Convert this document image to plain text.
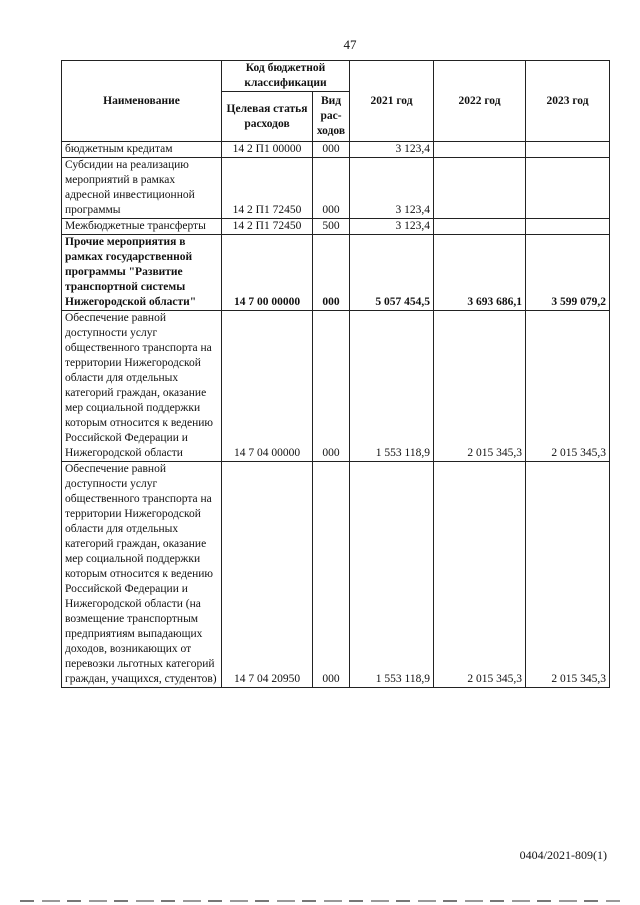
47
Наименование	Код бюджетной классификации		2021 год	2022 год	2023 год
	Целевая статья расходов	Вид рас-ходов			
бюджетным кредитам	14 2 П1 00000	000	3 123,4		
Субсидии на реализацию мероприятий в рамках адресной инвестиционной программы	14 2 П1 72450	000	3 123,4		
Межбюджетные трансферты	14 2 П1 72450	500	3 123,4		
Прочие мероприятия в рамках государственной программы "Развитие транспортной системы Нижегородской области"	14 7 00 00000	000	5 057 454,5	3 693 686,1	3 599 079,2
Обеспечение равной доступности услуг общественного транспорта на территории Нижегородской области для отдельных категорий граждан, оказание мер социальной поддержки которым относится к ведению Российской Федерации и Нижегородской области	14 7 04 00000	000	1 553 118,9	2 015 345,3	2 015 345,3
Обеспечение равной доступности услуг общественного транспорта на территории Нижегородской области для отдельных категорий граждан, оказание мер социальной поддержки которым относится к ведению Российской Федерации и Нижегородской области (на возмещение транспортным предприятиям выпадающих доходов, возникающих от перевозки льготных категорий граждан, учащихся, студентов)	14 7 04 20950	000	1 553 118,9	2 015 345,3	2 015 345,3
0404/2021-809(1)
